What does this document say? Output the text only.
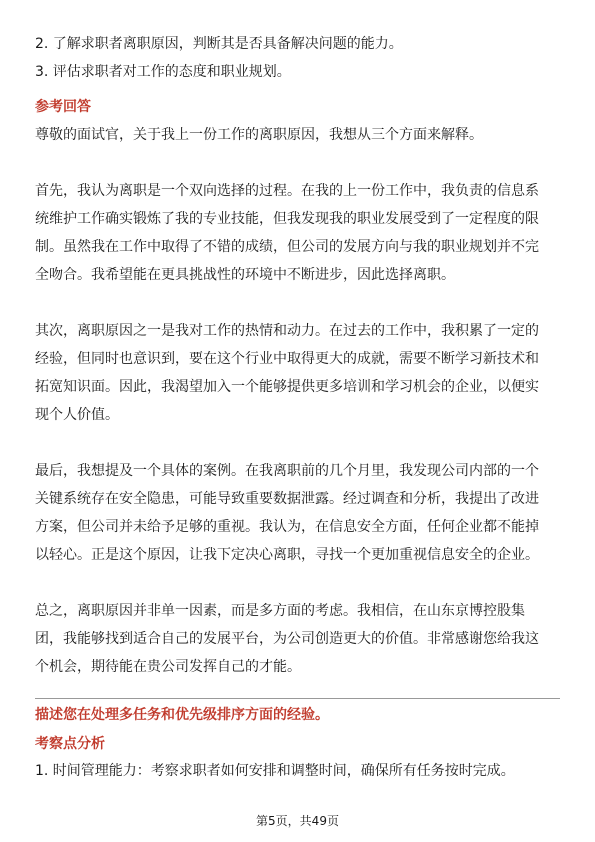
2. 了解求职者离职原因，判断其是否具备解决问题的能力。
3. 评估求职者对工作的态度和职业规划。
参考回答
尊敬的面试官，关于我上一份工作的离职原因，我想从三个方面来解释。
首先，我认为离职是一个双向选择的过程。在我的上一份工作中，我负责的信息系
统维护工作确实锻炼了我的专业技能，但我发现我的职业发展受到了一定程度的限
制。虽然我在工作中取得了不错的成绩，但公司的发展方向与我的职业规划并不完
全吻合。我希望能在更具挑战性的环境中不断进步，因此选择离职。
其次，离职原因之一是我对工作的热情和动力。在过去的工作中，我积累了一定的
经验，但同时也意识到，要在这个行业中取得更大的成就，需要不断学习新技术和
拓宽知识面。因此，我渴望加入一个能够提供更多培训和学习机会的企业，以便实
现个人价值。
最后，我想提及一个具体的案例。在我离职前的几个月里，我发现公司内部的一个
关键系统存在安全隐患，可能导致重要数据泄露。经过调查和分析，我提出了改进
方案，但公司并未给予足够的重视。我认为，在信息安全方面，任何企业都不能掉
以轻心。正是这个原因，让我下定决心离职，寻找一个更加重视信息安全的企业。
总之，离职原因并非单一因素，而是多方面的考虑。我相信，在山东京博控股集
团，我能够找到适合自己的发展平台，为公司创造更大的价值。非常感谢您给我这
个机会，期待能在贵公司发挥自己的才能。
描述您在处理多任务和优先级排序方面的经验。
考察点分析
1. 时间管理能力：考察求职者如何安排和调整时间，确保所有任务按时完成。
第5页，共49页
